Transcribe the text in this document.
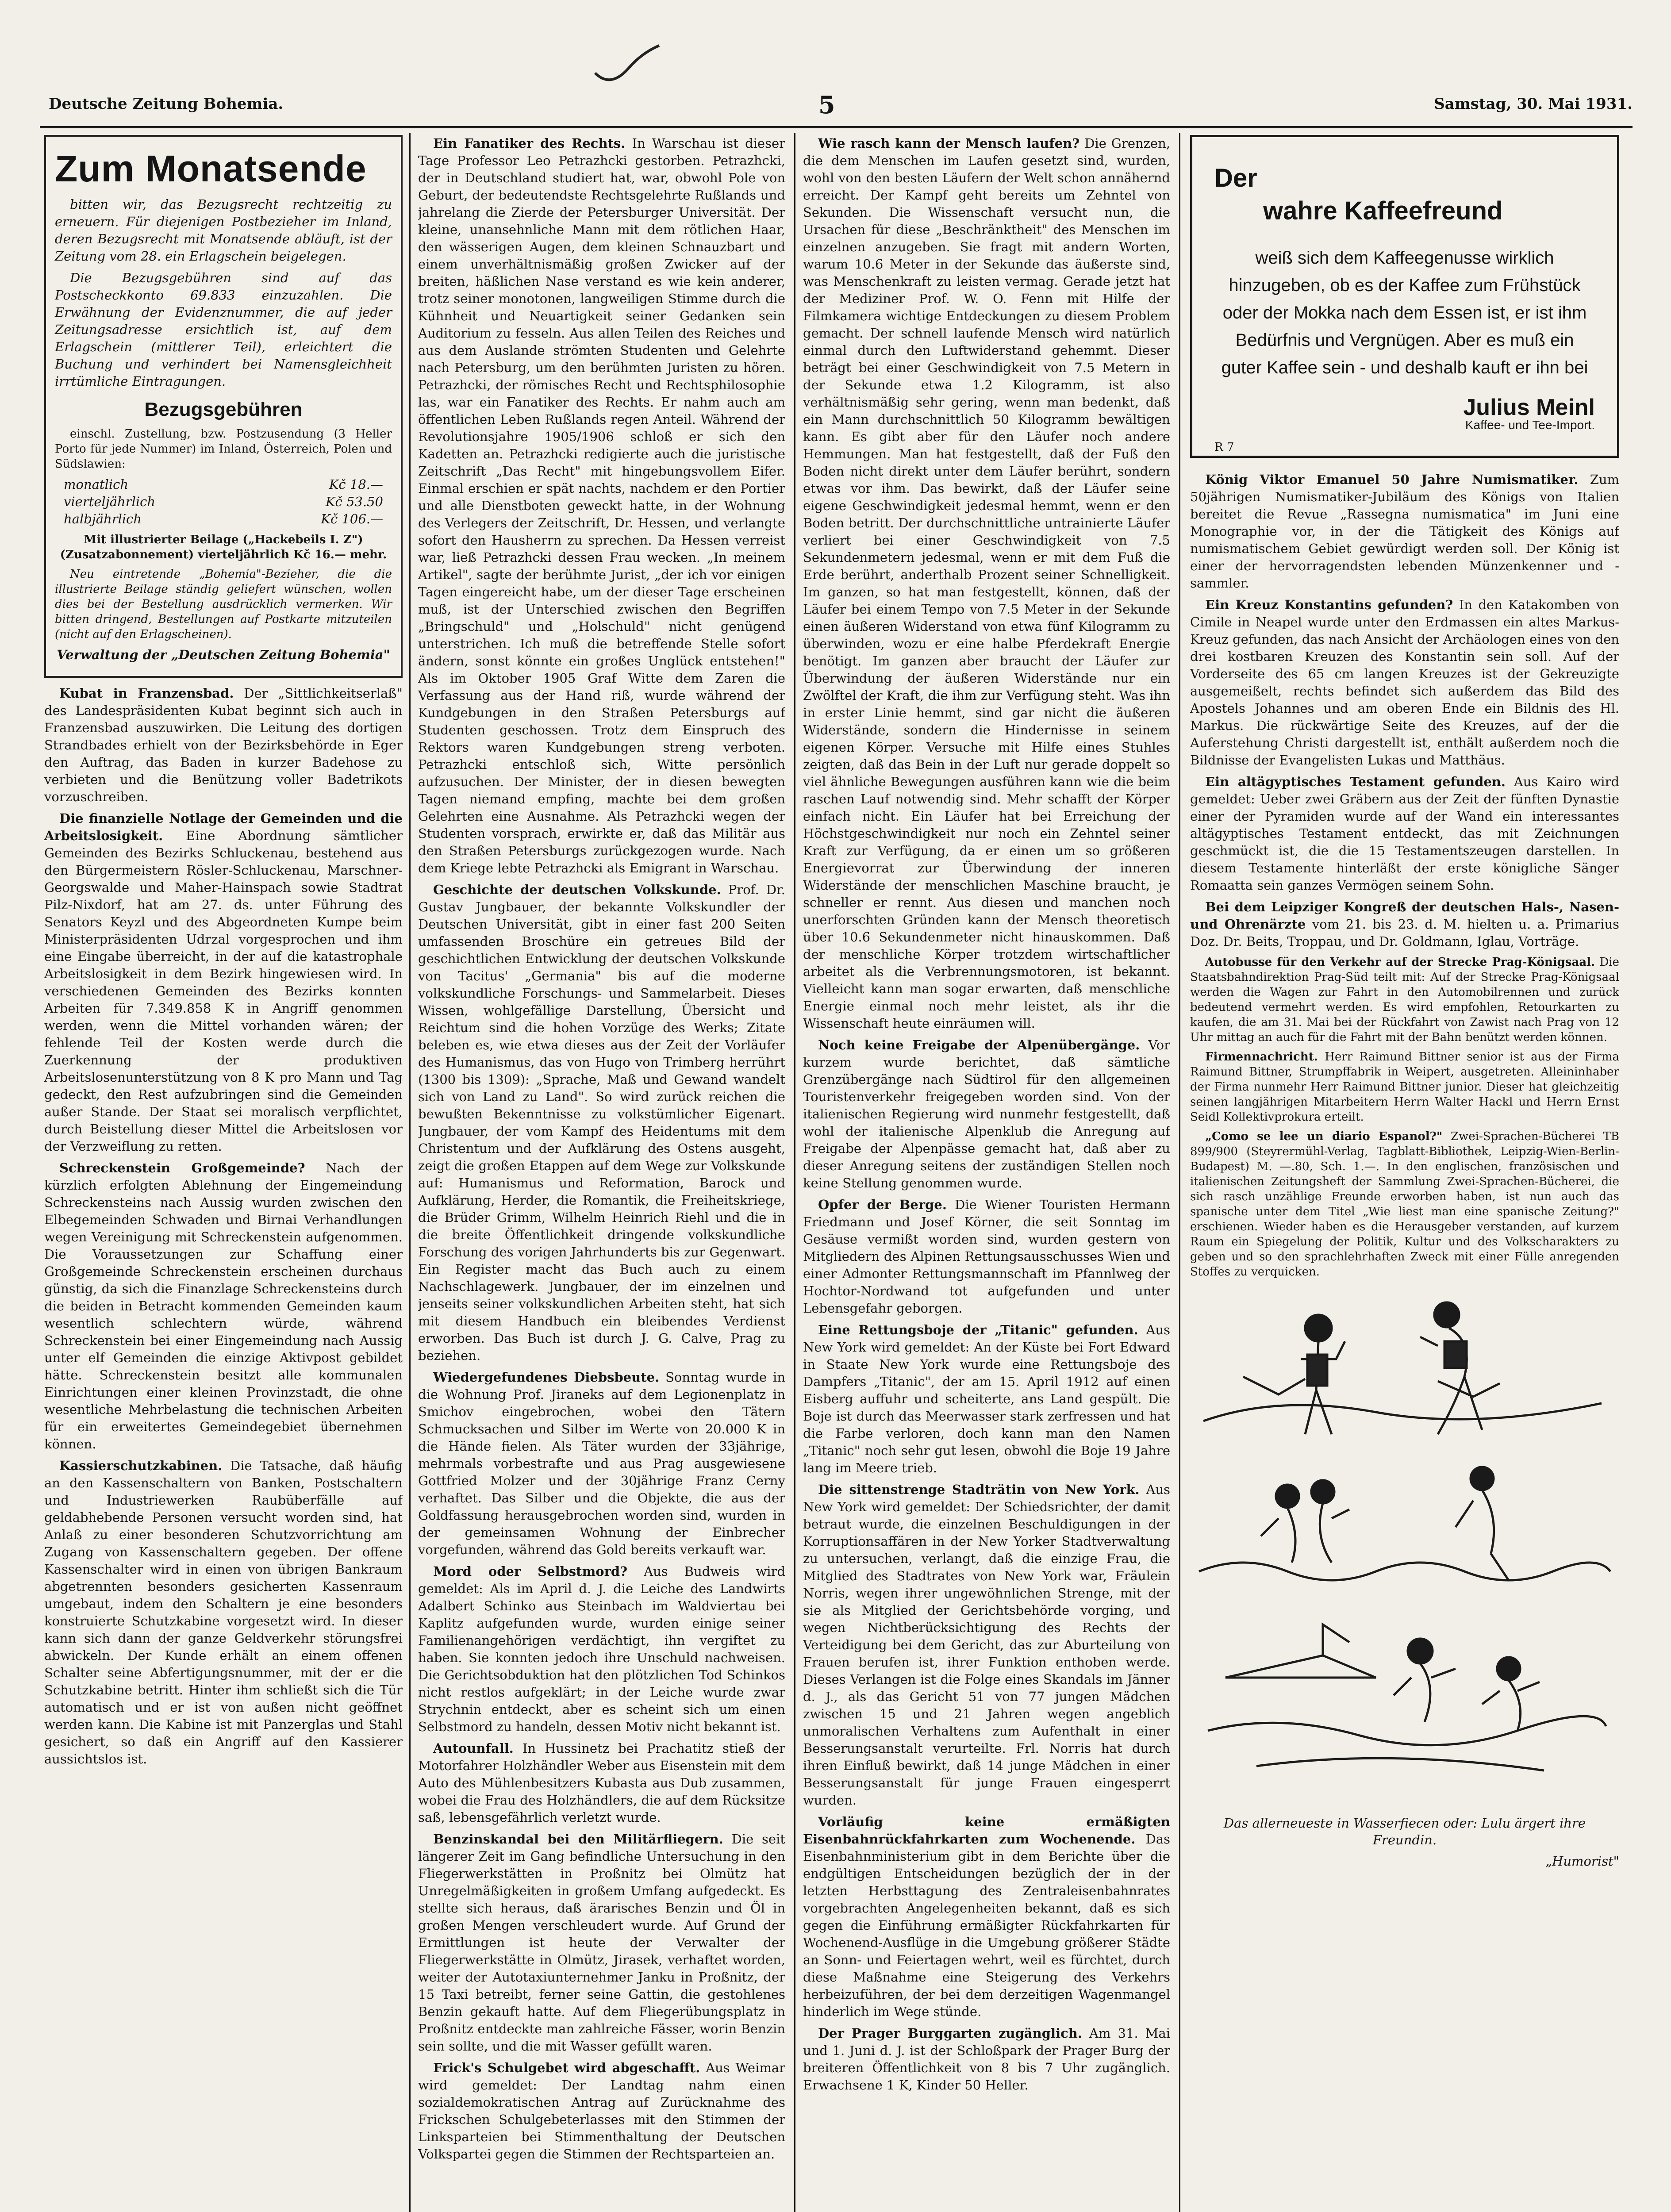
Deutsche Zeitung Bohemia.	5	Samstag, 30. Mai 1931.
Zum Monatsende

bitten wir, das Bezugsrecht rechtzeitig zu erneuern. Für diejenigen Postbezieher im Inland, deren Bezugsrecht mit Monatsende abläuft, ist der Zeitung vom 28. ein Erlagschein beigelegen.

Die Bezugsgebühren sind auf das Postscheckkonto 69.833 einzuzahlen. Die Erwähnung der Evidenznummer, die auf jeder Zeitungsadresse ersichtlich ist, auf dem Erlagschein (mittlerer Teil), erleichtert die Buchung und verhindert bei Namensgleichheit irrtümliche Eintragungen.

Bezugsgebühren

einschl. Zustellung, bzw. Postzusendung (3 Heller Porto für jede Nummer) im Inland, Österreich, Polen und Südslawien:

monatlich	Kč 18.—
vierteljährlich	Kč 53.50
halbjährlich	Kč 106.—

Mit illustrierter Beilage („Hackebeils I. Z") (Zusatzabonnement) vierteljährlich Kč 16.— mehr.

Neu eintretende „Bohemia"-Bezieher, die die illustrierte Beilage ständig geliefert wünschen, wollen dies bei der Bestellung ausdrücklich vermerken. Wir bitten dringend, Bestellungen auf Postkarte mitzuteilen (nicht auf den Erlagscheinen).

Verwaltung der „Deutschen Zeitung Bohemia"

Kubat in Franzensbad. Der „Sittlichkeitserlaß" des Landespräsidenten Kubat beginnt sich auch in Franzensbad auszuwirken. Die Leitung des dortigen Strandbades erhielt von der Bezirksbehörde in Eger den Auftrag, das Baden in kurzer Badehose zu verbieten und die Benützung voller Badetrikots vorzuschreiben.

Die finanzielle Notlage der Gemeinden und die Arbeitslosigkeit. Eine Abordnung sämtlicher Gemeinden des Bezirks Schluckenau, bestehend aus den Bürgermeistern Rösler-Schluckenau, Marschner-Georgswalde und Maher-Hainspach sowie Stadtrat Pilz-Nixdorf, hat am 27. ds. unter Führung des Senators Keyzl und des Abgeordneten Kumpe beim Ministerpräsidenten Udrzal vorgesprochen und ihm eine Eingabe überreicht, in der auf die katastrophale Arbeitslosigkeit in dem Bezirk hingewiesen wird. In verschiedenen Gemeinden des Bezirks konnten Arbeiten für 7.349.858 K in Angriff genommen werden, wenn die Mittel vorhanden wären; der fehlende Teil der Kosten werde durch die Zuerkennung der produktiven Arbeitslosenunterstützung von 8 K pro Mann und Tag gedeckt, den Rest aufzubringen sind die Gemeinden außer Stande. Der Staat sei moralisch verpflichtet, durch Beistellung dieser Mittel die Arbeitslosen vor der Verzweiflung zu retten.

Schreckenstein Großgemeinde? Nach der kürzlich erfolgten Ablehnung der Eingemeindung Schreckensteins nach Aussig wurden zwischen den Elbegemeinden Schwaden und Birnai Verhandlungen wegen Vereinigung mit Schreckenstein aufgenommen. Die Voraussetzungen zur Schaffung einer Großgemeinde Schreckenstein erscheinen durchaus günstig, da sich die Finanzlage Schreckensteins durch die beiden in Betracht kommenden Gemeinden kaum wesentlich schlechtern würde, während Schreckenstein bei einer Eingemeindung nach Aussig unter elf Gemeinden die einzige Aktivpost gebildet hätte. Schreckenstein besitzt alle kommunalen Einrichtungen einer kleinen Provinzstadt, die ohne wesentliche Mehrbelastung die technischen Arbeiten für ein erweitertes Gemeindegebiet übernehmen können.

Kassierschutzkabinen. Die Tatsache, daß häufig an den Kassenschaltern von Banken, Postschaltern und Industriewerken Raubüberfälle auf geldabhebende Personen versucht worden sind, hat Anlaß zu einer besonderen Schutzvorrichtung am Zugang von Kassenschaltern gegeben. Der offene Kassenschalter wird in einen von übrigen Bankraum abgetrennten besonders gesicherten Kassenraum umgebaut, indem den Schaltern je eine besonders konstruierte Schutzkabine vorgesetzt wird. In dieser kann sich dann der ganze Geldverkehr störungsfrei abwickeln. Der Kunde erhält an einem offenen Schalter seine Abfertigungsnummer, mit der er die Schutzkabine betritt. Hinter ihm schließt sich die Tür automatisch und er ist von außen nicht geöffnet werden kann. Die Kabine ist mit Panzerglas und Stahl gesichert, so daß ein Angriff auf den Kassierer aussichtslos ist.

Ein Fanatiker des Rechts. In Warschau ist dieser Tage Professor Leo Petrazhcki gestorben. Petrazhcki, der in Deutschland studiert hat, war, obwohl Pole von Geburt, der bedeutendste Rechtsgelehrte Rußlands und jahrelang die Zierde der Petersburger Universität. Der kleine, unansehnliche Mann mit dem rötlichen Haar, den wässerigen Augen, dem kleinen Schnauzbart und einem unverhältnismäßig großen Zwicker auf der breiten, häßlichen Nase verstand es wie kein anderer, trotz seiner monotonen, langweiligen Stimme durch die Kühnheit und Neuartigkeit seiner Gedanken sein Auditorium zu fesseln. Aus allen Teilen des Reiches und aus dem Auslande strömten Studenten und Gelehrte nach Petersburg, um den berühmten Juristen zu hören. Petrazhcki, der römisches Recht und Rechtsphilosophie las, war ein Fanatiker des Rechts. Er nahm auch am öffentlichen Leben Rußlands regen Anteil. Während der Revolutionsjahre 1905/1906 schloß er sich den Kadetten an. Petrazhcki redigierte auch die juristische Zeitschrift „Das Recht" mit hingebungsvollem Eifer. Einmal erschien er spät nachts, nachdem er den Portier und alle Dienstboten geweckt hatte, in der Wohnung des Verlegers der Zeitschrift, Dr. Hessen, und verlangte sofort den Hausherrn zu sprechen. Da Hessen verreist war, ließ Petrazhcki dessen Frau wecken. „In meinem Artikel", sagte der berühmte Jurist, „der ich vor einigen Tagen eingereicht habe, um der dieser Tage erscheinen muß, ist der Unterschied zwischen den Begriffen „Bringschuld" und „Holschuld" nicht genügend unterstrichen. Ich muß die betreffende Stelle sofort ändern, sonst könnte ein großes Unglück entstehen!" Als im Oktober 1905 Graf Witte dem Zaren die Verfassung aus der Hand riß, wurde während der Kundgebungen in den Straßen Petersburgs auf Studenten geschossen. Trotz dem Einspruch des Rektors waren Kundgebungen streng verboten. Petrazhcki entschloß sich, Witte persönlich aufzusuchen. Der Minister, der in diesen bewegten Tagen niemand empfing, machte bei dem großen Gelehrten eine Ausnahme. Als Petrazhcki wegen der Studenten vorsprach, erwirkte er, daß das Militär aus den Straßen Petersburgs zurückgezogen wurde. Nach dem Kriege lebte Petrazhcki als Emigrant in Warschau.

Geschichte der deutschen Volkskunde. Prof. Dr. Gustav Jungbauer, der bekannte Volkskundler der Deutschen Universität, gibt in einer fast 200 Seiten umfassenden Broschüre ein getreues Bild der geschichtlichen Entwicklung der deutschen Volkskunde von Tacitus' „Germania" bis auf die moderne volkskundliche Forschungs- und Sammelarbeit. Dieses Wissen, wohlgefällige Darstellung, Übersicht und Reichtum sind die hohen Vorzüge des Werks; Zitate beleben es, wie etwa dieses aus der Zeit der Vorläufer des Humanismus, das von Hugo von Trimberg herrührt (1300 bis 1309): „Sprache, Maß und Gewand wandelt sich von Land zu Land". So wird zurück reichen die bewußten Bekenntnisse zu volkstümlicher Eigenart. Jungbauer, der vom Kampf des Heidentums mit dem Christentum und der Aufklärung des Ostens ausgeht, zeigt die großen Etappen auf dem Wege zur Volkskunde auf: Humanismus und Reformation, Barock und Aufklärung, Herder, die Romantik, die Freiheitskriege, die Brüder Grimm, Wilhelm Heinrich Riehl und die in die breite Öffentlichkeit dringende volkskundliche Forschung des vorigen Jahrhunderts bis zur Gegenwart. Ein Register macht das Buch auch zu einem Nachschlagewerk. Jungbauer, der im einzelnen und jenseits seiner volkskundlichen Arbeiten steht, hat sich mit diesem Handbuch ein bleibendes Verdienst erworben. Das Buch ist durch J. G. Calve, Prag zu beziehen.

Wiedergefundenes Diebsbeute. Sonntag wurde in die Wohnung Prof. Jiraneks auf dem Legionenplatz in Smichov eingebrochen, wobei den Tätern Schmucksachen und Silber im Werte von 20.000 K in die Hände fielen. Als Täter wurden der 33jährige, mehrmals vorbestrafte und aus Prag ausgewiesene Gottfried Molzer und der 30jährige Franz Cerny verhaftet. Das Silber und die Objekte, die aus der Goldfassung herausgebrochen worden sind, wurden in der gemeinsamen Wohnung der Einbrecher vorgefunden, während das Gold bereits verkauft war.

Mord oder Selbstmord? Aus Budweis wird gemeldet: Als im April d. J. die Leiche des Landwirts Adalbert Schinko aus Steinbach im Waldviertau bei Kaplitz aufgefunden wurde, wurden einige seiner Familienangehörigen verdächtigt, ihn vergiftet zu haben. Sie konnten jedoch ihre Unschuld nachweisen. Die Gerichtsobduktion hat den plötzlichen Tod Schinkos nicht restlos aufgeklärt; in der Leiche wurde zwar Strychnin entdeckt, aber es scheint sich um einen Selbstmord zu handeln, dessen Motiv nicht bekannt ist.

Autounfall. In Hussinetz bei Prachatitz stieß der Motorfahrer Holzhändler Weber aus Eisenstein mit dem Auto des Mühlenbesitzers Kubasta aus Dub zusammen, wobei die Frau des Holzhändlers, die auf dem Rücksitze saß, lebensgefährlich verletzt wurde.

Benzinskandal bei den Militärfliegern. Die seit längerer Zeit im Gang befindliche Untersuchung in den Fliegerwerkstätten in Proßnitz bei Olmütz hat Unregelmäßigkeiten in großem Umfang aufgedeckt. Es stellte sich heraus, daß ärarisches Benzin und Öl in großen Mengen verschleudert wurde. Auf Grund der Ermittlungen ist heute der Verwalter der Fliegerwerkstätte in Olmütz, Jirasek, verhaftet worden, weiter der Autotaxiunternehmer Janku in Proßnitz, der 15 Taxi betreibt, ferner seine Gattin, die gestohlenes Benzin gekauft hatte. Auf dem Fliegerübungsplatz in Proßnitz entdeckte man zahlreiche Fässer, worin Benzin sein sollte, und die mit Wasser gefüllt waren.

Frick's Schulgebet wird abgeschafft. Aus Weimar wird gemeldet: Der Landtag nahm einen sozialdemokratischen Antrag auf Zurücknahme des Frickschen Schulgebeterlasses mit den Stimmen der Linksparteien bei Stimmenthaltung der Deutschen Volkspartei gegen die Stimmen der Rechtsparteien an.

Wie rasch kann der Mensch laufen? Die Grenzen, die dem Menschen im Laufen gesetzt sind, wurden, wohl von den besten Läufern der Welt schon annähernd erreicht. Der Kampf geht bereits um Zehntel von Sekunden. Die Wissenschaft versucht nun, die Ursachen für diese „Beschränktheit" des Menschen im einzelnen anzugeben. Sie fragt mit andern Worten, warum 10.6 Meter in der Sekunde das äußerste sind, was Menschenkraft zu leisten vermag. Gerade jetzt hat der Mediziner Prof. W. O. Fenn mit Hilfe der Filmkamera wichtige Entdeckungen zu diesem Problem gemacht. Der schnell laufende Mensch wird natürlich einmal durch den Luftwiderstand gehemmt. Dieser beträgt bei einer Geschwindigkeit von 7.5 Metern in der Sekunde etwa 1.2 Kilogramm, ist also verhältnismäßig sehr gering, wenn man bedenkt, daß ein Mann durchschnittlich 50 Kilogramm bewältigen kann. Es gibt aber für den Läufer noch andere Hemmungen. Man hat festgestellt, daß der Fuß den Boden nicht direkt unter dem Läufer berührt, sondern etwas vor ihm. Das bewirkt, daß der Läufer seine eigene Geschwindigkeit jedesmal hemmt, wenn er den Boden betritt. Der durchschnittliche untrainierte Läufer verliert bei einer Geschwindigkeit von 7.5 Sekundenmetern jedesmal, wenn er mit dem Fuß die Erde berührt, anderthalb Prozent seiner Schnelligkeit. Im ganzen, so hat man festgestellt, können, daß der Läufer bei einem Tempo von 7.5 Meter in der Sekunde einen äußeren Widerstand von etwa fünf Kilogramm zu überwinden, wozu er eine halbe Pferdekraft Energie benötigt. Im ganzen aber braucht der Läufer zur Überwindung der äußeren Widerstände nur ein Zwölftel der Kraft, die ihm zur Verfügung steht. Was ihn in erster Linie hemmt, sind gar nicht die äußeren Widerstände, sondern die Hindernisse in seinem eigenen Körper. Versuche mit Hilfe eines Stuhles zeigten, daß das Bein in der Luft nur gerade doppelt so viel ähnliche Bewegungen ausführen kann wie die beim raschen Lauf notwendig sind. Mehr schafft der Körper einfach nicht. Ein Läufer hat bei Erreichung der Höchstgeschwindigkeit nur noch ein Zehntel seiner Kraft zur Verfügung, da er einen um so größeren Energievorrat zur Überwindung der inneren Widerstände der menschlichen Maschine braucht, je schneller er rennt. Aus diesen und manchen noch unerforschten Gründen kann der Mensch theoretisch über 10.6 Sekundenmeter nicht hinauskommen. Daß der menschliche Körper trotzdem wirtschaftlicher arbeitet als die Verbrennungsmotoren, ist bekannt. Vielleicht kann man sogar erwarten, daß menschliche Energie einmal noch mehr leistet, als ihr die Wissenschaft heute einräumen will.

Noch keine Freigabe der Alpenübergänge. Vor kurzem wurde berichtet, daß sämtliche Grenzübergänge nach Südtirol für den allgemeinen Touristenverkehr freigegeben worden sind. Von der italienischen Regierung wird nunmehr festgestellt, daß wohl der italienische Alpenklub die Anregung auf Freigabe der Alpenpässe gemacht hat, daß aber zu dieser Anregung seitens der zuständigen Stellen noch keine Stellung genommen wurde.

Opfer der Berge. Die Wiener Touristen Hermann Friedmann und Josef Körner, die seit Sonntag im Gesäuse vermißt worden sind, wurden gestern von Mitgliedern des Alpinen Rettungsausschusses Wien und einer Admonter Rettungsmannschaft im Pfannlweg der Hochtor-Nordwand tot aufgefunden und unter Lebensgefahr geborgen.

Eine Rettungsboje der „Titanic" gefunden. Aus New York wird gemeldet: An der Küste bei Fort Edward in Staate New York wurde eine Rettungsboje des Dampfers „Titanic", der am 15. April 1912 auf einen Eisberg auffuhr und scheiterte, ans Land gespült. Die Boje ist durch das Meerwasser stark zerfressen und hat die Farbe verloren, doch kann man den Namen „Titanic" noch sehr gut lesen, obwohl die Boje 19 Jahre lang im Meere trieb.

Die sittenstrenge Stadträtin von New York. Aus New York wird gemeldet: Der Schiedsrichter, der damit betraut wurde, die einzelnen Beschuldigungen in der Korruptionsaffären in der New Yorker Stadtverwaltung zu untersuchen, verlangt, daß die einzige Frau, die Mitglied des Stadtrates von New York war, Fräulein Norris, wegen ihrer ungewöhnlichen Strenge, mit der sie als Mitglied der Gerichtsbehörde vorging, und wegen Nichtberücksichtigung des Rechts der Verteidigung bei dem Gericht, das zur Aburteilung von Frauen berufen ist, ihrer Funktion enthoben werde. Dieses Verlangen ist die Folge eines Skandals im Jänner d. J., als das Gericht 51 von 77 jungen Mädchen zwischen 15 und 21 Jahren wegen angeblich unmoralischen Verhaltens zum Aufenthalt in einer Besserungsanstalt verurteilte. Frl. Norris hat durch ihren Einfluß bewirkt, daß 14 junge Mädchen in einer Besserungsanstalt für junge Frauen eingesperrt wurden.

Vorläufig keine ermäßigten Eisenbahnrückfahrkarten zum Wochenende. Das Eisenbahnministerium gibt in dem Berichte über die endgültigen Entscheidungen bezüglich der in der letzten Herbsttagung des Zentraleisenbahnrates vorgebrachten Angelegenheiten bekannt, daß es sich gegen die Einführung ermäßigter Rückfahrkarten für Wochenend-Ausflüge in die Umgebung größerer Städte an Sonn- und Feiertagen wehrt, weil es fürchtet, durch diese Maßnahme eine Steigerung des Verkehrs herbeizuführen, der bei dem derzeitigen Wagenmangel hinderlich im Wege stünde.

Der Prager Burggarten zugänglich. Am 31. Mai und 1. Juni d. J. ist der Schloßpark der Prager Burg der breiteren Öffentlichkeit von 8 bis 7 Uhr zugänglich. Erwachsene 1 K, Kinder 50 Heller.

Der
wahre Kaffeefreund
weiß sich dem Kaffeegenusse wirklich hinzugeben, ob es der Kaffee zum Frühstück oder der Mokka nach dem Essen ist, er ist ihm Bedürfnis und Vergnügen. Aber es muß ein guter Kaffee sein - und deshalb kauft er ihn bei
Julius Meinl
Kaffee- und Tee-Import.
R 7

König Viktor Emanuel 50 Jahre Numismatiker. Zum 50jährigen Numismatiker-Jubiläum des Königs von Italien bereitet die Revue „Rassegna numismatica" im Juni eine Monographie vor, in der die Tätigkeit des Königs auf numismatischem Gebiet gewürdigt werden soll. Der König ist einer der hervorragendsten lebenden Münzenkenner und -sammler.

Ein Kreuz Konstantins gefunden? In den Katakomben von Cimile in Neapel wurde unter den Erdmassen ein altes Markus-Kreuz gefunden, das nach Ansicht der Archäologen eines von den drei kostbaren Kreuzen des Konstantin sein soll. Auf der Vorderseite des 65 cm langen Kreuzes ist der Gekreuzigte ausgemeißelt, rechts befindet sich außerdem das Bild des Apostels Johannes und am oberen Ende ein Bildnis des Hl. Markus. Die rückwärtige Seite des Kreuzes, auf der die Auferstehung Christi dargestellt ist, enthält außerdem noch die Bildnisse der Evangelisten Lukas und Matthäus.

Ein altägyptisches Testament gefunden. Aus Kairo wird gemeldet: Ueber zwei Gräbern aus der Zeit der fünften Dynastie einer der Pyramiden wurde auf der Wand ein interessantes altägyptisches Testament entdeckt, das mit Zeichnungen geschmückt ist, die die 15 Testamentszeugen darstellen. In diesem Testamente hinterläßt der erste königliche Sänger Romaatta sein ganzes Vermögen seinem Sohn.

Bei dem Leipziger Kongreß der deutschen Hals-, Nasen- und Ohrenärzte vom 21. bis 23. d. M. hielten u. a. Primarius Doz. Dr. Beits, Troppau, und Dr. Goldmann, Iglau, Vorträge.

Autobusse für den Verkehr auf der Strecke Prag-Königsaal. Die Staatsbahndirektion Prag-Süd teilt mit: Auf der Strecke Prag-Königsaal werden die Wagen zur Fahrt in den Automobilrennen und zurück bedeutend vermehrt werden. Es wird empfohlen, Retourkarten zu kaufen, die am 31. Mai bei der Rückfahrt von Zawist nach Prag von 12 Uhr mittag an auch für die Fahrt mit der Bahn benützt werden können.

Firmennachricht. Herr Raimund Bittner senior ist aus der Firma Raimund Bittner, Strumpffabrik in Weipert, ausgetreten. Alleininhaber der Firma nunmehr Herr Raimund Bittner junior. Dieser hat gleichzeitig seinen langjährigen Mitarbeitern Herrn Walter Hackl und Herrn Ernst Seidl Kollektivprokura erteilt.

„Como se lee un diario Espanol?" Zwei-Sprachen-Bücherei TB 899/900 (Steyrermühl-Verlag, Tagblatt-Bibliothek, Leipzig-Wien-Berlin-Budapest) M. —.80, Sch. 1.—. In den englischen, französischen und italienischen Zeitungsheft der Sammlung Zwei-Sprachen-Bücherei, die sich rasch unzählige Freunde erworben haben, ist nun auch das spanische unter dem Titel „Wie liest man eine spanische Zeitung?" erschienen. Wieder haben es die Herausgeber verstanden, auf kurzem Raum ein Spiegelung der Politik, Kultur und des Volkscharakters zu geben und so den sprachlehrhaften Zweck mit einer Fülle anregenden Stoffes zu verquicken.

Das allerneueste in Wasserfiecen oder: Lulu ärgert ihre Freundin.
„Humorist"
